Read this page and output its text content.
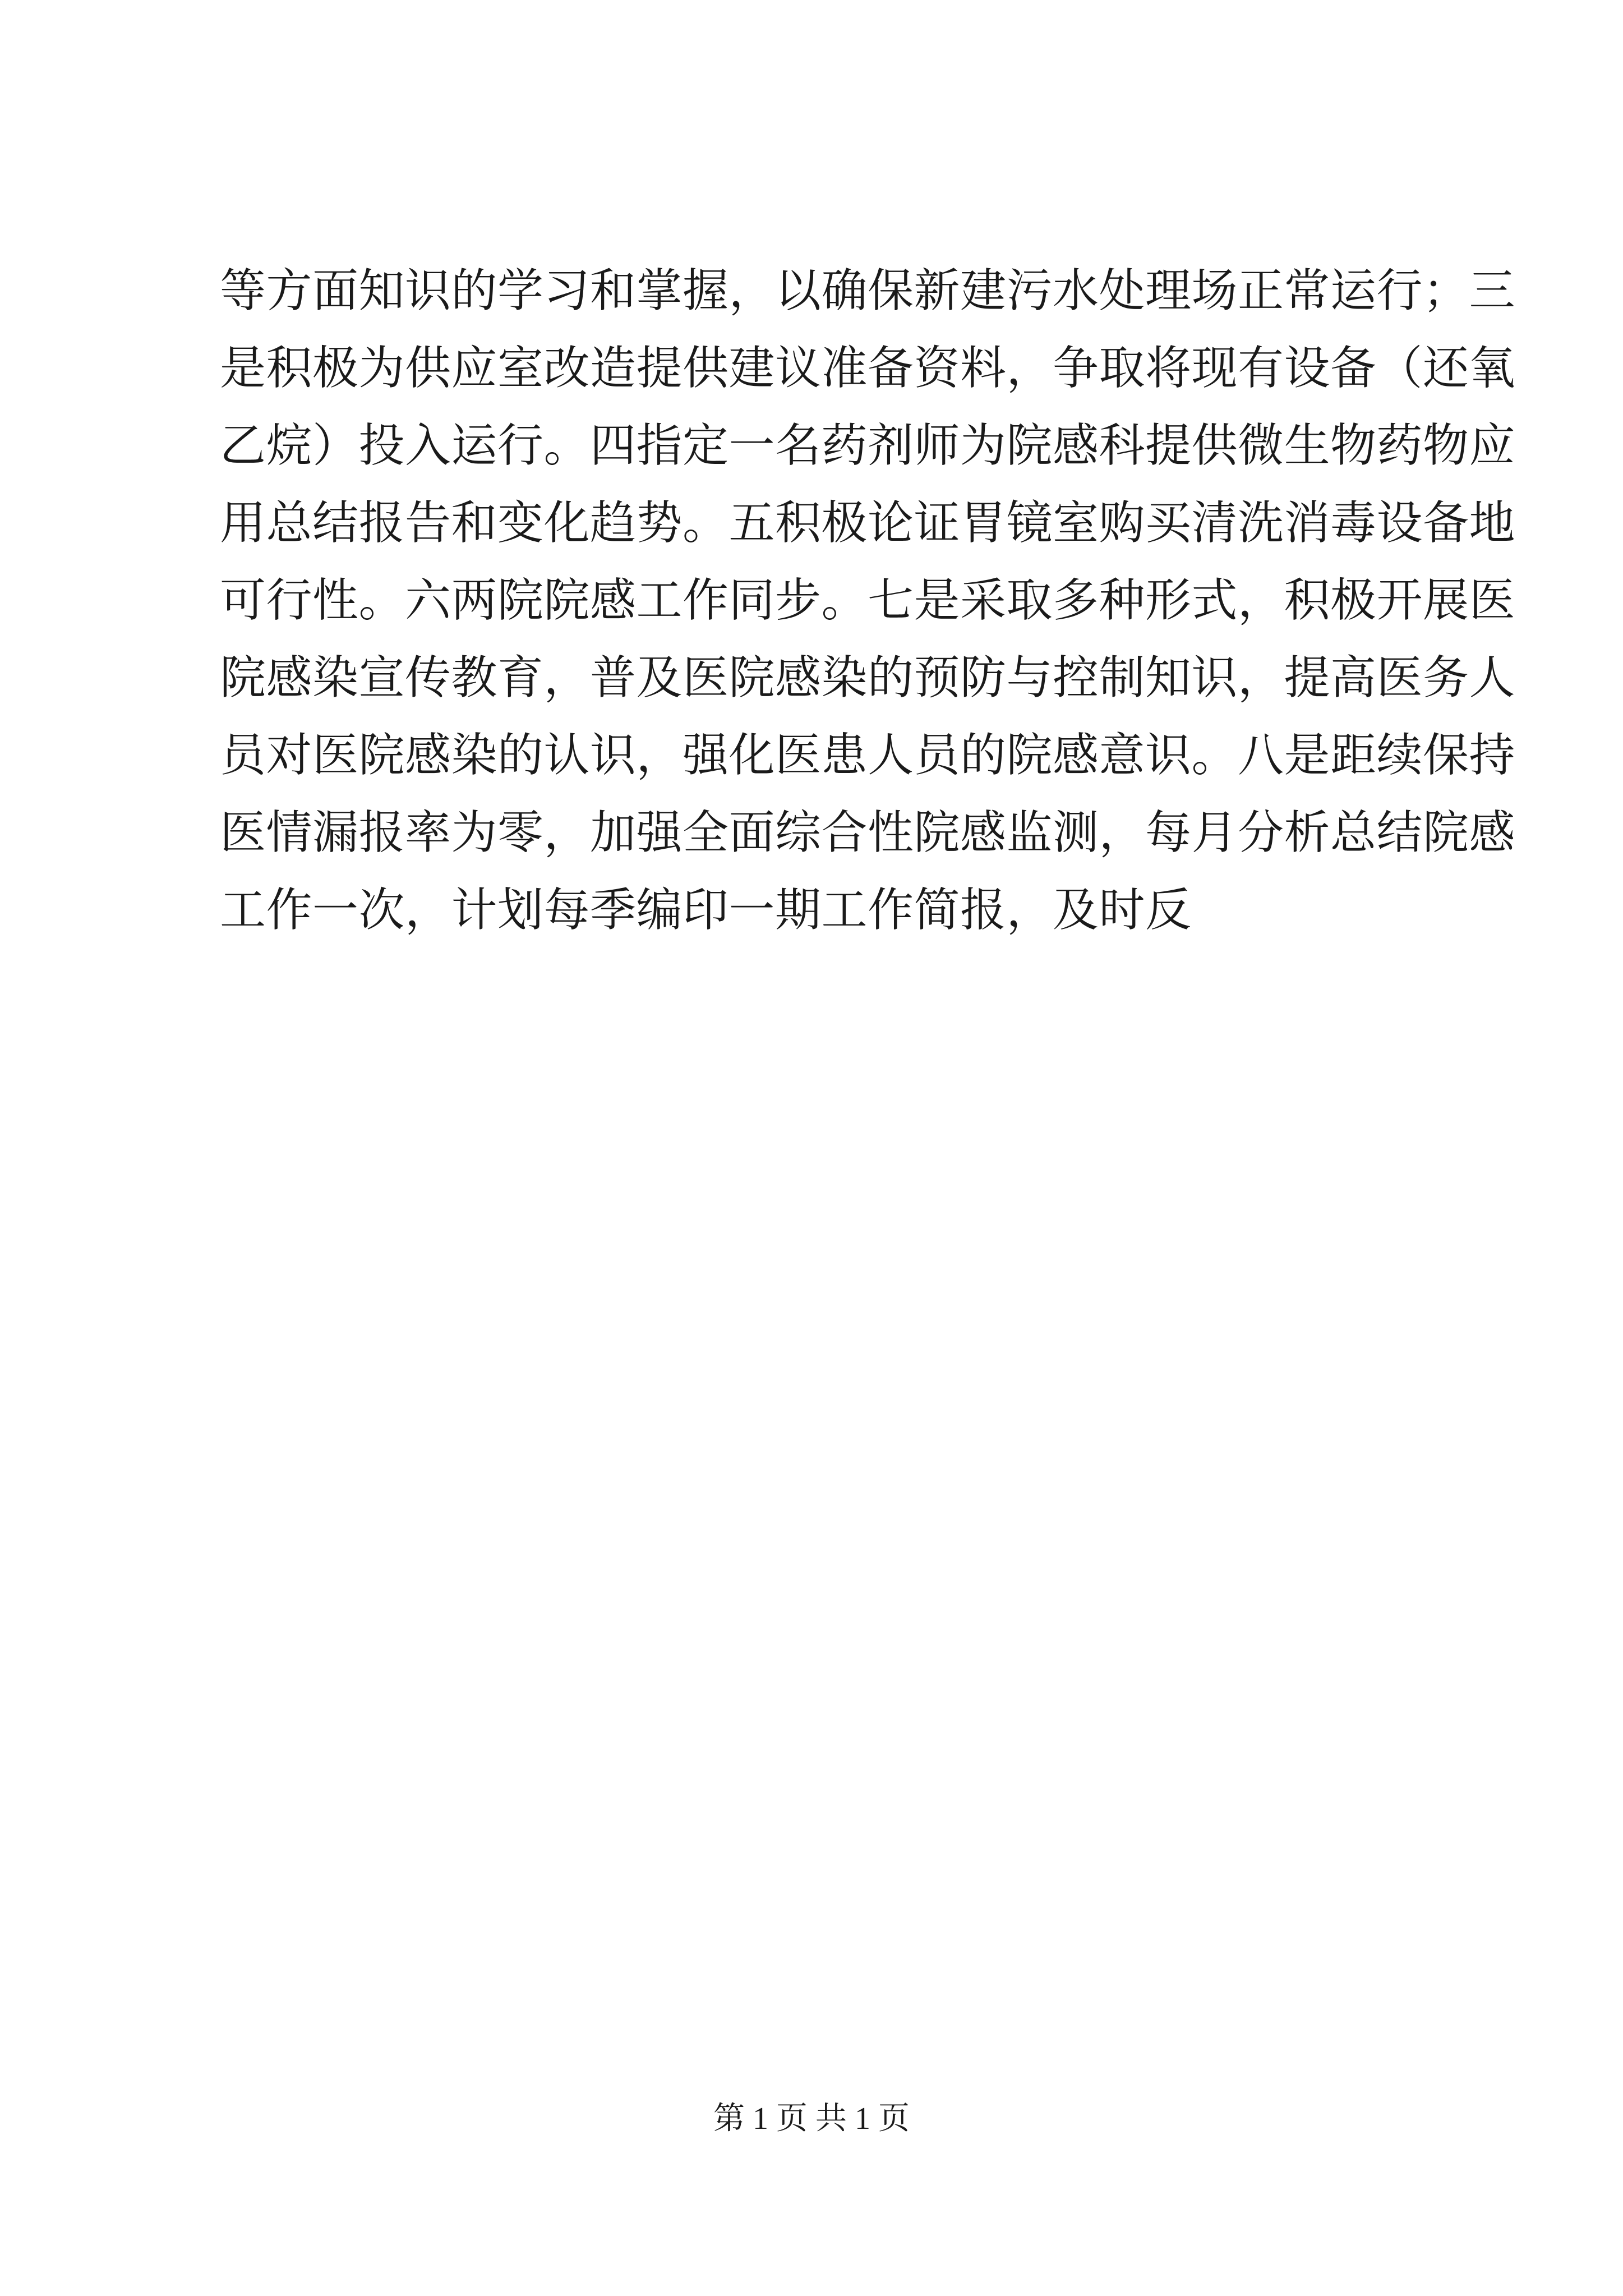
等方面知识的学习和掌握，以确保新建污水处理场正常运行；三
是积极为供应室改造提供建议准备资料，争取将现有设备（还氧
乙烷）投入运行。四指定一名药剂师为院感科提供微生物药物应
用总结报告和变化趋势。五积极论证胃镜室购买清洗消毒设备地
可行性。六两院院感工作同步。七是采取多种形式，积极开展医
院感染宣传教育，普及医院感染的预防与控制知识，提高医务人
员对医院感染的认识，强化医患人员的院感意识。八是距续保持
医情漏报率为零，加强全面综合性院感监测，每月分析总结院感
工作一次，计划每季编印一期工作简报，及时反
第 1 页 共 1 页
